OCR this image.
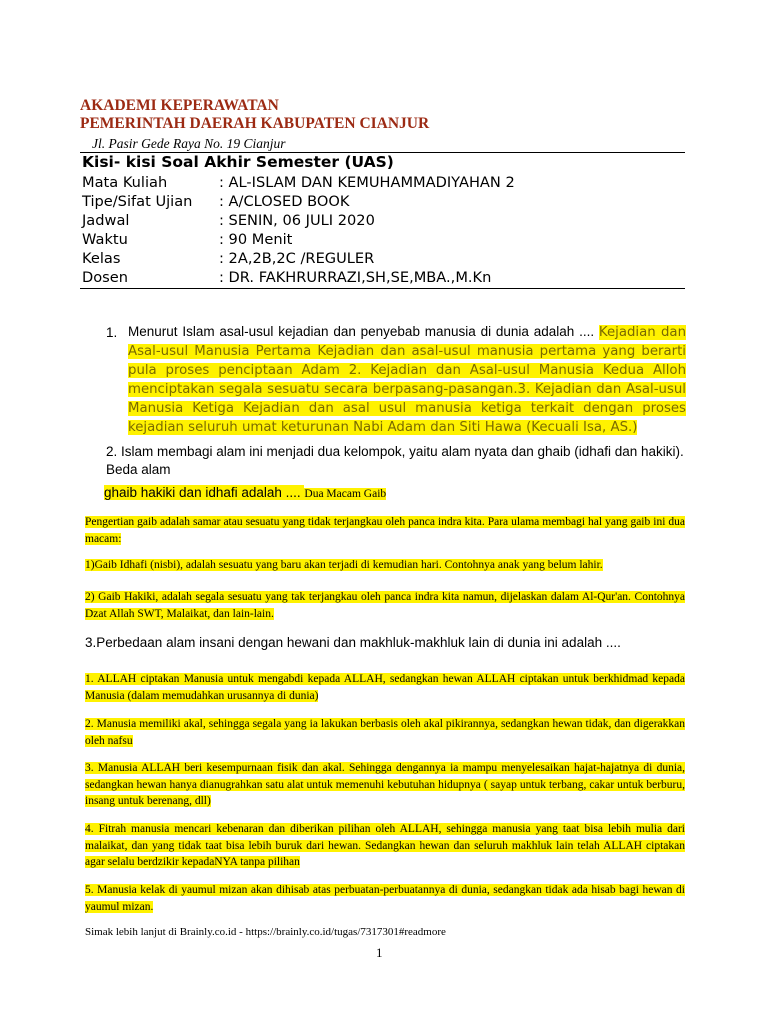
AKADEMI KEPERAWATAN
PEMERINTAH DAERAH KABUPATEN CIANJUR
Jl. Pasir Gede Raya No. 19 Cianjur
Kisi- kisi Soal Akhir Semester (UAS)
Mata Kuliah	: AL-ISLAM DAN KEMUHAMMADIYAHAN 2
Tipe/Sifat Ujian : A/CLOSED BOOK
Jadwal	: SENIN, 06 JULI 2020
Waktu	: 90 Menit
Kelas	: 2A,2B,2C /REGULER
Dosen	: DR. FAKHRURRAZI,SH,SE,MBA.,M.Kn
1. Menurut Islam asal-usul kejadian dan penyebab manusia di dunia adalah .... Kejadian dan Asal-usul Manusia Pertama Kejadian dan asal-usul manusia pertama yang berarti pula proses penciptaan Adam 2. Kejadian dan Asal-usul Manusia Kedua Alloh menciptakan segala sesuatu secara berpasang-pasangan.3. Kejadian dan Asal-usul Manusia Ketiga Kejadian dan asal usul manusia ketiga terkait dengan proses kejadian seluruh umat keturunan Nabi Adam dan Siti Hawa (Kecuali Isa, AS.)
2. Islam membagi alam ini menjadi dua kelompok, yaitu alam nyata dan ghaib (idhafi dan hakiki). Beda alam
ghaib hakiki dan idhafi adalah .... Dua Macam Gaib
Pengertian gaib adalah samar atau sesuatu yang tidak terjangkau oleh panca indra kita. Para ulama membagi hal yang gaib ini dua macam:
1)Gaib Idhafi (nisbi), adalah sesuatu yang baru akan terjadi di kemudian hari. Contohnya anak yang belum lahir.
2) Gaib Hakiki, adalah segala sesuatu yang tak terjangkau oleh panca indra kita namun, dijelaskan dalam Al-Qur'an. Contohnya Dzat Allah SWT, Malaikat, dan lain-lain.
3.Perbedaan alam insani dengan hewani dan makhluk-makhluk lain di dunia ini adalah ....
1. ALLAH ciptakan Manusia untuk mengabdi kepada ALLAH, sedangkan hewan ALLAH ciptakan untuk berkhidmad kepada Manusia (dalam memudahkan urusannya di dunia)
2. Manusia memiliki akal, sehingga segala yang ia lakukan berbasis oleh akal pikirannya, sedangkan hewan tidak, dan digerakkan oleh nafsu
3. Manusia ALLAH beri kesempurnaan fisik dan akal. Sehingga dengannya ia mampu menyelesaikan hajat-hajatnya di dunia, sedangkan hewan hanya dianugrahkan satu alat untuk memenuhi kebutuhan hidupnya ( sayap untuk terbang, cakar untuk berburu, insang untuk berenang, dll)
4. Fitrah manusia mencari kebenaran dan diberikan pilihan oleh ALLAH, sehingga manusia yang taat bisa lebih mulia dari malaikat, dan yang tidak taat bisa lebih buruk dari hewan. Sedangkan hewan dan seluruh makhluk lain telah ALLAH ciptakan agar selalu berdzikir kepadaNYA tanpa pilihan
5. Manusia kelak di yaumul mizan akan dihisab atas perbuatan-perbuatannya di dunia, sedangkan tidak ada hisab bagi hewan di yaumul mizan.
Simak lebih lanjut di Brainly.co.id - https://brainly.co.id/tugas/7317301#readmore
1
